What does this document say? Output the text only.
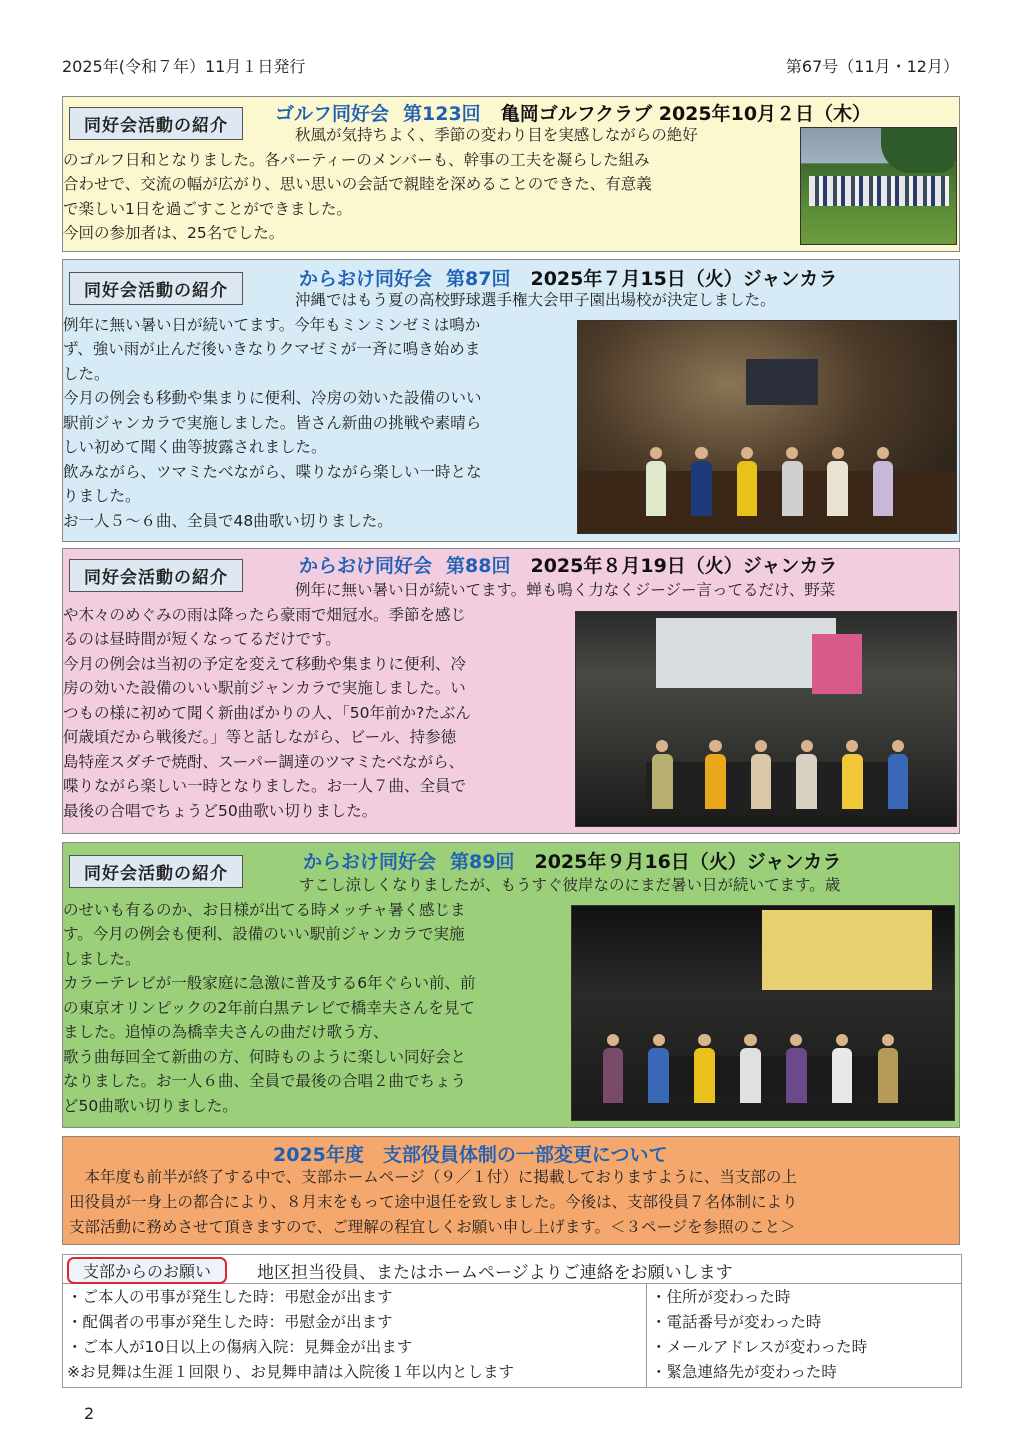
2025年(令和７年）11月１日発行	第67号（11月・12月）
同好会活動の紹介
ゴルフ同好会 第123回 亀岡ゴルフクラブ 2025年10月２日（木）

秋風が気持ちよく、季節の変わり目を実感しながらの絶好

のゴルフ日和となりました。各パーティーのメンバーも、幹事の工夫を凝らした組み

合わせで、交流の幅が広がり、思い思いの会話で親睦を深めることのできた、有意義

で楽しい1日を過ごすことができました。

今回の参加者は、25名でした。

同好会活動の紹介
からおけ同好会 第87回 2025年７月15日（火）ジャンカラ

沖縄ではもう夏の高校野球選手権大会甲子園出場校が決定しました。

例年に無い暑い日が続いてます。今年もミンミンゼミは鳴か

ず、強い雨が止んだ後いきなりクマゼミが一斉に鳴き始めま

した。

今月の例会も移動や集まりに便利、冷房の効いた設備のいい

駅前ジャンカラで実施しました。皆さん新曲の挑戦や素晴ら

しい初めて聞く曲等披露されました。

飲みながら、ツマミたべながら、喋りながら楽しい一時とな

りました。

お一人５～６曲、全員で48曲歌い切りました。

同好会活動の紹介
からおけ同好会 第88回 2025年８月19日（火）ジャンカラ

例年に無い暑い日が続いてます。蝉も鳴く力なくジージー言ってるだけ、野菜

や木々のめぐみの雨は降ったら豪雨で畑冠水。季節を感じ

るのは昼時間が短くなってるだけです。

今月の例会は当初の予定を変えて移動や集まりに便利、冷

房の効いた設備のいい駅前ジャンカラで実施しました。い

つもの様に初めて聞く新曲ばかりの人、「50年前か?たぶん

何歳頃だから戦後だ。」等と話しながら、ビール、持参徳

島特産スダチで焼酎、スーパー調達のツマミたべながら、

喋りながら楽しい一時となりました。お一人７曲、全員で

最後の合唱でちょうど50曲歌い切りました。

同好会活動の紹介
からおけ同好会 第89回 2025年９月16日（火）ジャンカラ

すこし涼しくなりましたが、もうすぐ彼岸なのにまだ暑い日が続いてます。歳

のせいも有るのか、お日様が出てる時メッチャ暑く感じま

す。今月の例会も便利、設備のいい駅前ジャンカラで実施

しました。

カラーテレビが一般家庭に急激に普及する6年ぐらい前、前

の東京オリンピックの2年前白黒テレビで橋幸夫さんを見て

ました。追悼の為橋幸夫さんの曲だけ歌う方、

歌う曲毎回全て新曲の方、何時ものように楽しい同好会と

なりました。お一人６曲、全員で最後の合唱２曲でちょう

ど50曲歌い切りました。

2025年度　支部役員体制の一部変更について

　本年度も前半が終了する中で、支部ホームページ（９／１付）に掲載しておりますように、当支部の上

田役員が一身上の都合により、８月末をもって途中退任を致しました。今後は、支部役員７名体制により

支部活動に務めさせて頂きますので、ご理解の程宜しくお願い申し上げます。＜３ページを参照のこと＞

支部からのお願い	地区担当役員、またはホームページよりご連絡をお願いします

・ご本人の弔事が発生した時：弔慰金が出ます

・配偶者の弔事が発生した時：弔慰金が出ます

・ご本人が10日以上の傷病入院：見舞金が出ます

※お見舞は生涯１回限り、お見舞申請は入院後１年以内とします

・住所が変わった時

・電話番号が変わった時

・メールアドレスが変わった時

・緊急連絡先が変わった時

2
